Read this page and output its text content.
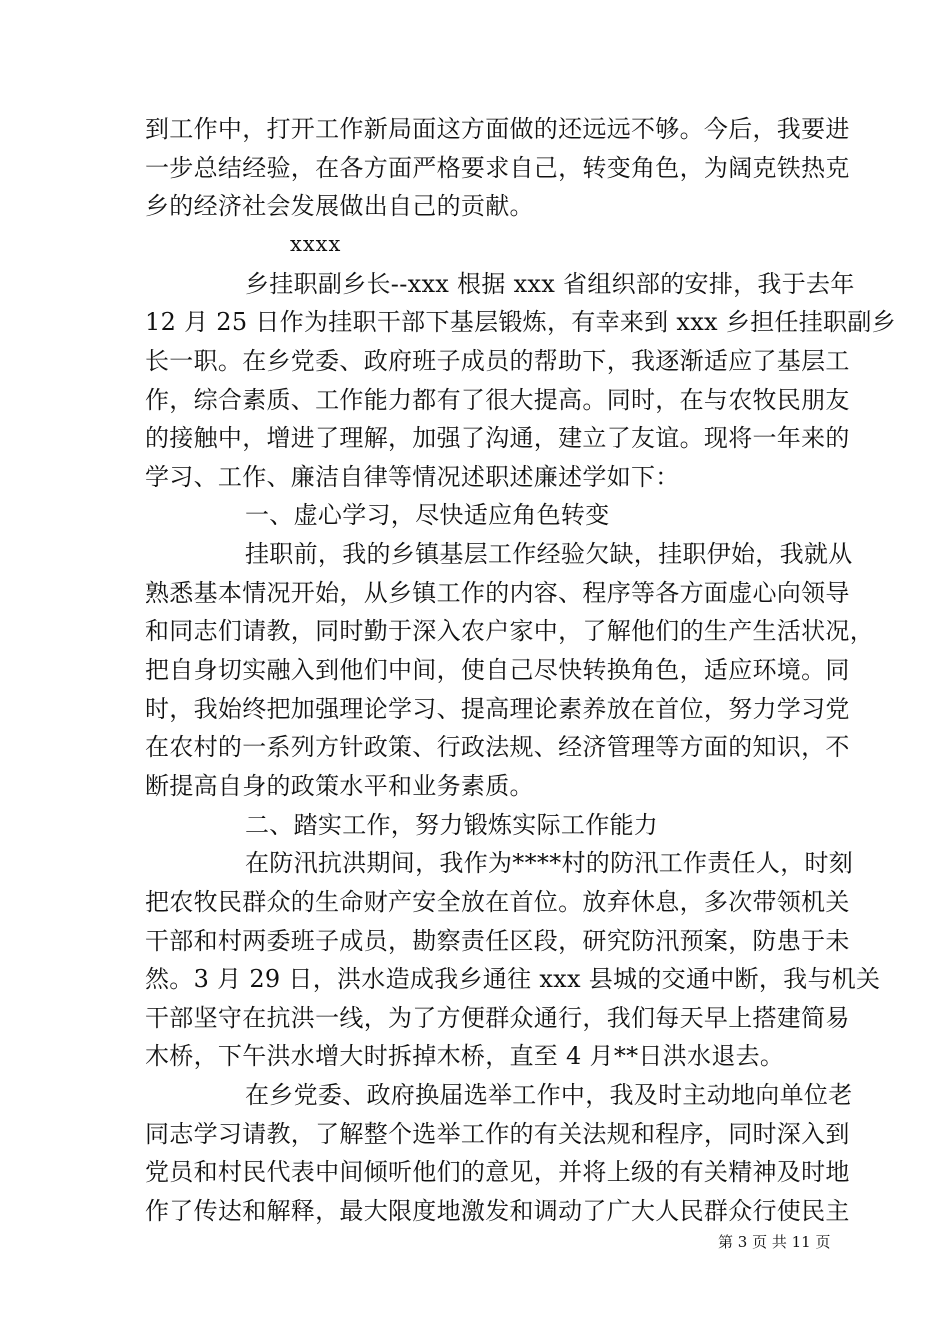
到工作中，打开工作新局面这方面做的还远远不够。今后，我要进
一步总结经验，在各方面严格要求自己，转变角色，为阔克铁热克
乡的经济社会发展做出自己的贡献。
xxxx
乡挂职副乡长--xxx 根据 xxx 省组织部的安排，我于去年
12 月 25 日作为挂职干部下基层锻炼，有幸来到 xxx 乡担任挂职副乡
长一职。在乡党委、政府班子成员的帮助下，我逐渐适应了基层工
作，综合素质、工作能力都有了很大提高。同时，在与农牧民朋友
的接触中，增进了理解，加强了沟通，建立了友谊。现将一年来的
学习、工作、廉洁自律等情况述职述廉述学如下：
一、虚心学习，尽快适应角色转变
挂职前，我的乡镇基层工作经验欠缺，挂职伊始，我就从
熟悉基本情况开始，从乡镇工作的内容、程序等各方面虚心向领导
和同志们请教，同时勤于深入农户家中，了解他们的生产生活状况，
把自身切实融入到他们中间，使自己尽快转换角色，适应环境。同
时，我始终把加强理论学习、提高理论素养放在首位，努力学习党
在农村的一系列方针政策、行政法规、经济管理等方面的知识，不
断提高自身的政策水平和业务素质。
二、踏实工作，努力锻炼实际工作能力
在防汛抗洪期间，我作为****村的防汛工作责任人，时刻
把农牧民群众的生命财产安全放在首位。放弃休息，多次带领机关
干部和村两委班子成员，勘察责任区段，研究防汛预案，防患于未
然。3 月 29 日，洪水造成我乡通往 xxx 县城的交通中断，我与机关
干部坚守在抗洪一线，为了方便群众通行，我们每天早上搭建简易
木桥，下午洪水增大时拆掉木桥，直至 4 月**日洪水退去。
在乡党委、政府换届选举工作中，我及时主动地向单位老
同志学习请教，了解整个选举工作的有关法规和程序，同时深入到
党员和村民代表中间倾听他们的意见，并将上级的有关精神及时地
作了传达和解释，最大限度地激发和调动了广大人民群众行使民主
第 3 页 共 11 页
